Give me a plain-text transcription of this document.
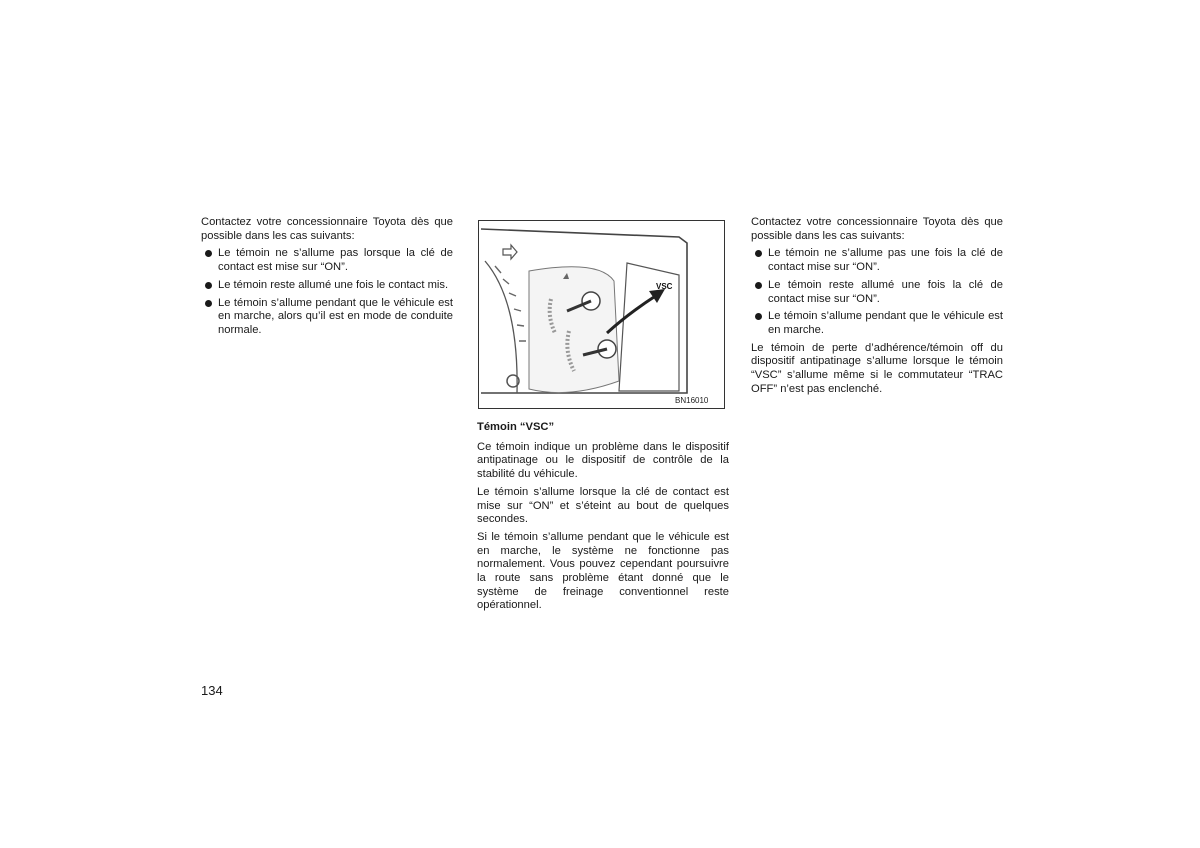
Contactez votre concessionnaire Toyota dès que possible dans les cas suivants:

Le témoin ne s’allume pas lorsque la clé de contact est mise sur “ON”.
Le témoin reste allumé une fois le contact mis.
Le témoin s’allume pendant que le véhicule est en marche, alors qu’il est en mode de conduite normale.
VSC
BN16010

Témoin “VSC”

Ce témoin indique un problème dans le dispositif antipatinage ou le dispositif de contrôle de la stabilité du véhicule.

Le témoin s’allume lorsque la clé de contact est mise sur “ON” et s’éteint au bout de quelques secondes.

Si le témoin s’allume pendant que le véhicule est en marche, le système ne fonctionne pas normalement. Vous pouvez cependant poursuivre la route sans problème étant donné que le système de freinage conventionnel reste opérationnel.

Contactez votre concessionnaire Toyota dès que possible dans les cas suivants:

Le témoin ne s’allume pas une fois la clé de contact mise sur “ON”.
Le témoin reste allumé une fois la clé de contact mise sur “ON”.
Le témoin s’allume pendant que le véhicule est en marche.

Le témoin de perte d’adhérence/témoin off du dispositif antipatinage s’allume lorsque le témoin “VSC” s’allume même si le commutateur “TRAC OFF” n’est pas enclenché.

134
